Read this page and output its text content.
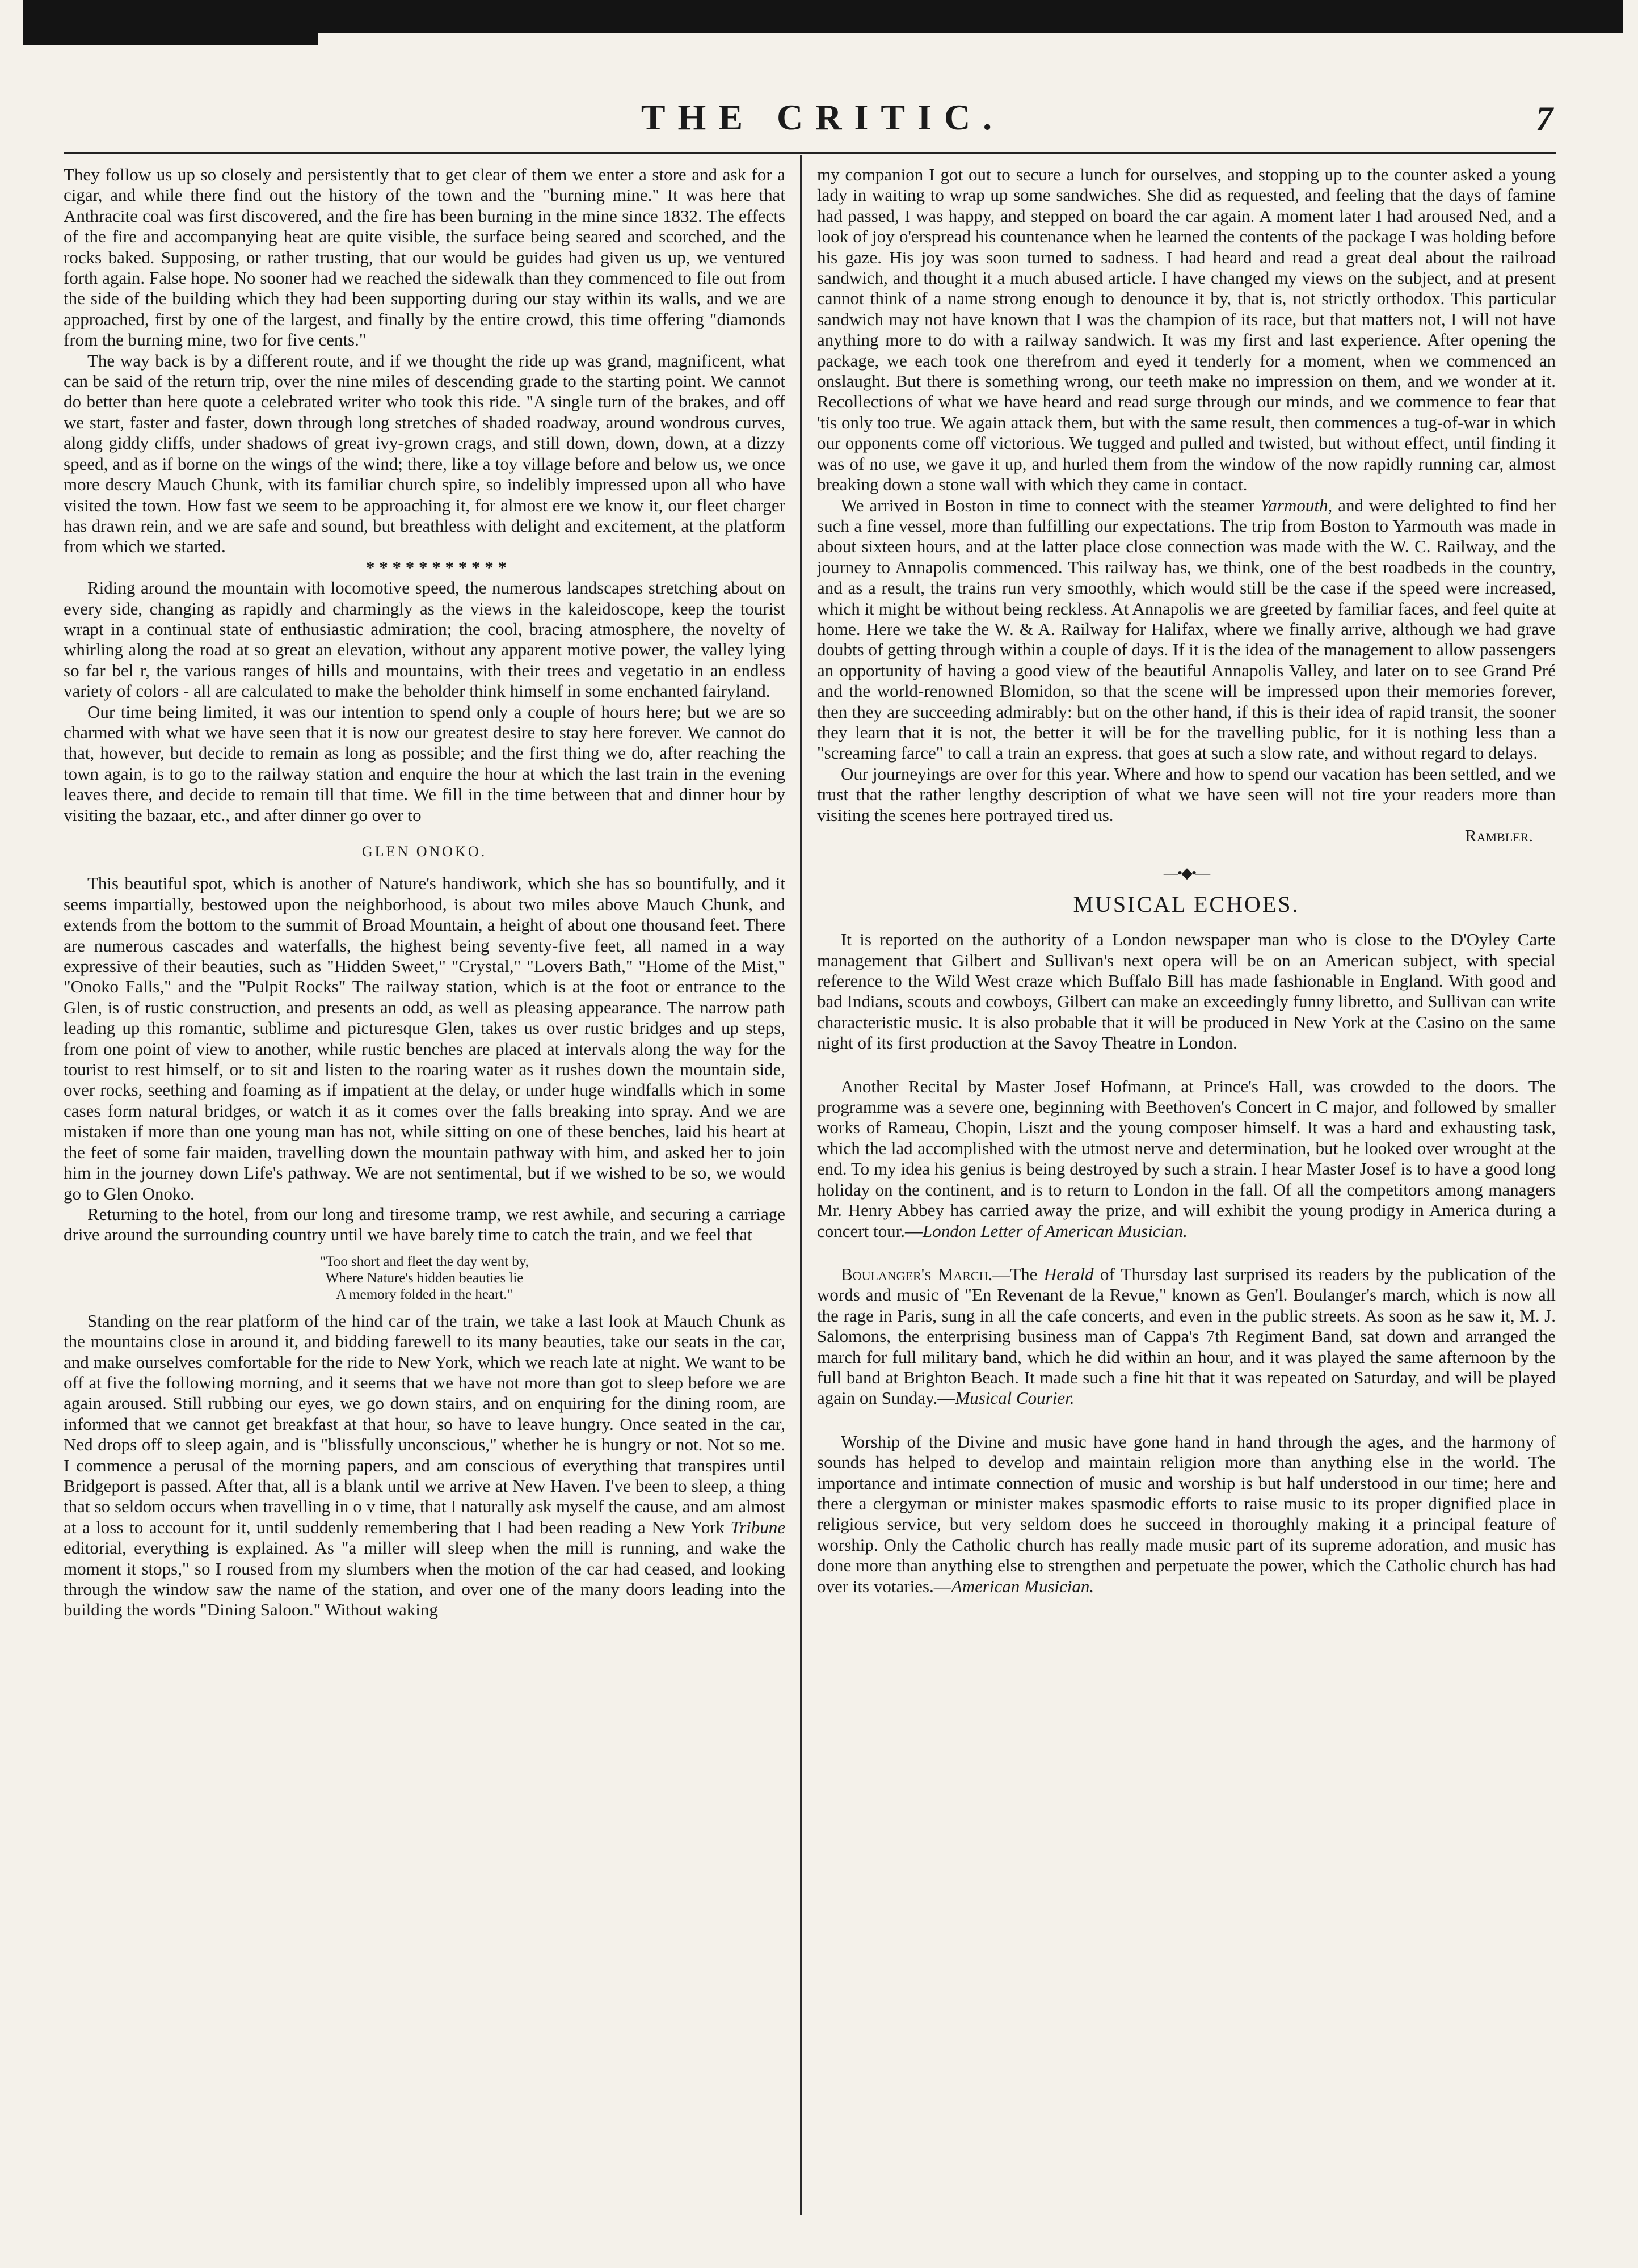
THE CRITIC.	7

They follow us up so closely and persistently that to get clear of them we enter a store and ask for a cigar, and while there find out the history of the town and the "burning mine." It was here that Anthracite coal was first discovered, and the fire has been burning in the mine since 1832. The effects of the fire and accompanying heat are quite visible, the surface being seared and scorched, and the rocks baked. Supposing, or rather trusting, that our would be guides had given us up, we ventured forth again. False hope. No sooner had we reached the sidewalk than they commenced to file out from the side of the building which they had been supporting during our stay within its walls, and we are approached, first by one of the largest, and finally by the entire crowd, this time offering "diamonds from the burning mine, two for five cents."

The way back is by a different route, and if we thought the ride up was grand, magnificent, what can be said of the return trip, over the nine miles of descending grade to the starting point. We cannot do better than here quote a celebrated writer who took this ride. "A single turn of the brakes, and off we start, faster and faster, down through long stretches of shaded roadway, around wondrous curves, along giddy cliffs, under shadows of great ivy-grown crags, and still down, down, down, at a dizzy speed, and as if borne on the wings of the wind; there, like a toy village before and below us, we once more descry Mauch Chunk, with its familiar church spire, so indelibly impressed upon all who have visited the town. How fast we seem to be approaching it, for almost ere we know it, our fleet charger has drawn rein, and we are safe and sound, but breathless with delight and excitement, at the platform from which we started.

* * * * * * * * * * *

Riding around the mountain with locomotive speed, the numerous landscapes stretching about on every side, changing as rapidly and charmingly as the views in the kaleidoscope, keep the tourist wrapt in a continual state of enthusiastic admiration; the cool, bracing atmosphere, the novelty of whirling along the road at so great an elevation, without any apparent motive power, the valley lying so far bel r, the various ranges of hills and mountains, with their trees and vegetatio in an endless variety of colors - all are calculated to make the beholder think himself in some enchanted fairyland.

Our time being limited, it was our intention to spend only a couple of hours here; but we are so charmed with what we have seen that it is now our greatest desire to stay here forever. We cannot do that, however, but decide to remain as long as possible; and the first thing we do, after reaching the town again, is to go to the railway station and enquire the hour at which the last train in the evening leaves there, and decide to remain till that time. We fill in the time between that and dinner hour by visiting the bazaar, etc., and after dinner go over to

GLEN ONOKO.

This beautiful spot, which is another of Nature's handiwork, which she has so bountifully, and it seems impartially, bestowed upon the neighborhood, is about two miles above Mauch Chunk, and extends from the bottom to the summit of Broad Mountain, a height of about one thousand feet. There are numerous cascades and waterfalls, the highest being seventy-five feet, all named in a way expressive of their beauties, such as "Hidden Sweet," "Crystal," "Lovers Bath," "Home of the Mist," "Onoko Falls," and the "Pulpit Rocks" The railway station, which is at the foot or entrance to the Glen, is of rustic construction, and presents an odd, as well as pleasing appearance. The narrow path leading up this romantic, sublime and picturesque Glen, takes us over rustic bridges and up steps, from one point of view to another, while rustic benches are placed at intervals along the way for the tourist to rest himself, or to sit and listen to the roaring water as it rushes down the mountain side, over rocks, seething and foaming as if impatient at the delay, or under huge windfalls which in some cases form natural bridges, or watch it as it comes over the falls breaking into spray. And we are mistaken if more than one young man has not, while sitting on one of these benches, laid his heart at the feet of some fair maiden, travelling down the mountain pathway with him, and asked her to join him in the journey down Life's pathway. We are not sentimental, but if we wished to be so, we would go to Glen Onoko.

Returning to the hotel, from our long and tiresome tramp, we rest awhile, and securing a carriage drive around the surrounding country until we have barely time to catch the train, and we feel that

"Too short and fleet the day went by,
Where Nature's hidden beauties lie
A memory folded in the heart."

Standing on the rear platform of the hind car of the train, we take a last look at Mauch Chunk as the mountains close in around it, and bidding farewell to its many beauties, take our seats in the car, and make ourselves comfortable for the ride to New York, which we reach late at night. We want to be off at five the following morning, and it seems that we have not more than got to sleep before we are again aroused. Still rubbing our eyes, we go down stairs, and on enquiring for the dining room, are informed that we cannot get breakfast at that hour, so have to leave hungry. Once seated in the car, Ned drops off to sleep again, and is "blissfully unconscious," whether he is hungry or not. Not so me. I commence a perusal of the morning papers, and am conscious of everything that transpires until Bridgeport is passed. After that, all is a blank until we arrive at New Haven. I've been to sleep, a thing that so seldom occurs when travelling in o v time, that I naturally ask myself the cause, and am almost at a loss to account for it, until suddenly remembering that I had been reading a New York Tribune editorial, everything is explained. As "a miller will sleep when the mill is running, and wake the moment it stops," so I roused from my slumbers when the motion of the car had ceased, and looking through the window saw the name of the station, and over one of the many doors leading into the building the words "Dining Saloon." Without waking

my companion I got out to secure a lunch for ourselves, and stopping up to the counter asked a young lady in waiting to wrap up some sandwiches. She did as requested, and feeling that the days of famine had passed, I was happy, and stepped on board the car again. A moment later I had aroused Ned, and a look of joy o'erspread his countenance when he learned the contents of the package I was holding before his gaze. His joy was soon turned to sadness. I had heard and read a great deal about the railroad sandwich, and thought it a much abused article. I have changed my views on the subject, and at present cannot think of a name strong enough to denounce it by, that is, not strictly orthodox. This particular sandwich may not have known that I was the champion of its race, but that matters not, I will not have anything more to do with a railway sandwich. It was my first and last experience. After opening the package, we each took one therefrom and eyed it tenderly for a moment, when we commenced an onslaught. But there is something wrong, our teeth make no impression on them, and we wonder at it. Recollections of what we have heard and read surge through our minds, and we commence to fear that 'tis only too true. We again attack them, but with the same result, then commences a tug-of-war in which our opponents come off victorious. We tugged and pulled and twisted, but without effect, until finding it was of no use, we gave it up, and hurled them from the window of the now rapidly running car, almost breaking down a stone wall with which they came in contact.

We arrived in Boston in time to connect with the steamer Yarmouth, and were delighted to find her such a fine vessel, more than fulfilling our expectations. The trip from Boston to Yarmouth was made in about sixteen hours, and at the latter place close connection was made with the W. C. Railway, and the journey to Annapolis commenced. This railway has, we think, one of the best roadbeds in the country, and as a result, the trains run very smoothly, which would still be the case if the speed were increased, which it might be without being reckless. At Annapolis we are greeted by familiar faces, and feel quite at home. Here we take the W. & A. Railway for Halifax, where we finally arrive, although we had grave doubts of getting through within a couple of days. If it is the idea of the management to allow passengers an opportunity of having a good view of the beautiful Annapolis Valley, and later on to see Grand Pré and the world-renowned Blomidon, so that the scene will be impressed upon their memories forever, then they are succeeding admirably: but on the other hand, if this is their idea of rapid transit, the sooner they learn that it is not, the better it will be for the travelling public, for it is nothing less than a "screaming farce" to call a train an express. that goes at such a slow rate, and without regard to delays.

Our journeyings are over for this year. Where and how to spend our vacation has been settled, and we trust that the rather lengthy description of what we have seen will not tire your readers more than visiting the scenes here portrayed tired us.

Rambler.
—•◆•—
MUSICAL ECHOES.

It is reported on the authority of a London newspaper man who is close to the D'Oyley Carte management that Gilbert and Sullivan's next opera will be on an American subject, with special reference to the Wild West craze which Buffalo Bill has made fashionable in England. With good and bad Indians, scouts and cowboys, Gilbert can make an exceedingly funny libretto, and Sullivan can write characteristic music. It is also probable that it will be produced in New York at the Casino on the same night of its first production at the Savoy Theatre in London.

Another Recital by Master Josef Hofmann, at Prince's Hall, was crowded to the doors. The programme was a severe one, beginning with Beethoven's Concert in C major, and followed by smaller works of Rameau, Chopin, Liszt and the young composer himself. It was a hard and exhausting task, which the lad accomplished with the utmost nerve and determination, but he looked over wrought at the end. To my idea his genius is being destroyed by such a strain. I hear Master Josef is to have a good long holiday on the continent, and is to return to London in the fall. Of all the competitors among managers Mr. Henry Abbey has carried away the prize, and will exhibit the young prodigy in America during a concert tour.—London Letter of American Musician.

Boulanger's March.—The Herald of Thursday last surprised its readers by the publication of the words and music of "En Revenant de la Revue," known as Gen'l. Boulanger's march, which is now all the rage in Paris, sung in all the cafe concerts, and even in the public streets. As soon as he saw it, M. J. Salomons, the enterprising business man of Cappa's 7th Regiment Band, sat down and arranged the march for full military band, which he did within an hour, and it was played the same afternoon by the full band at Brighton Beach. It made such a fine hit that it was repeated on Saturday, and will be played again on Sunday.—Musical Courier.

Worship of the Divine and music have gone hand in hand through the ages, and the harmony of sounds has helped to develop and maintain religion more than anything else in the world. The importance and intimate connection of music and worship is but half understood in our time; here and there a clergyman or minister makes spasmodic efforts to raise music to its proper dignified place in religious service, but very seldom does he succeed in thoroughly making it a principal feature of worship. Only the Catholic church has really made music part of its supreme adoration, and music has done more than anything else to strengthen and perpetuate the power, which the Catholic church has had over its votaries.—American Musician.
